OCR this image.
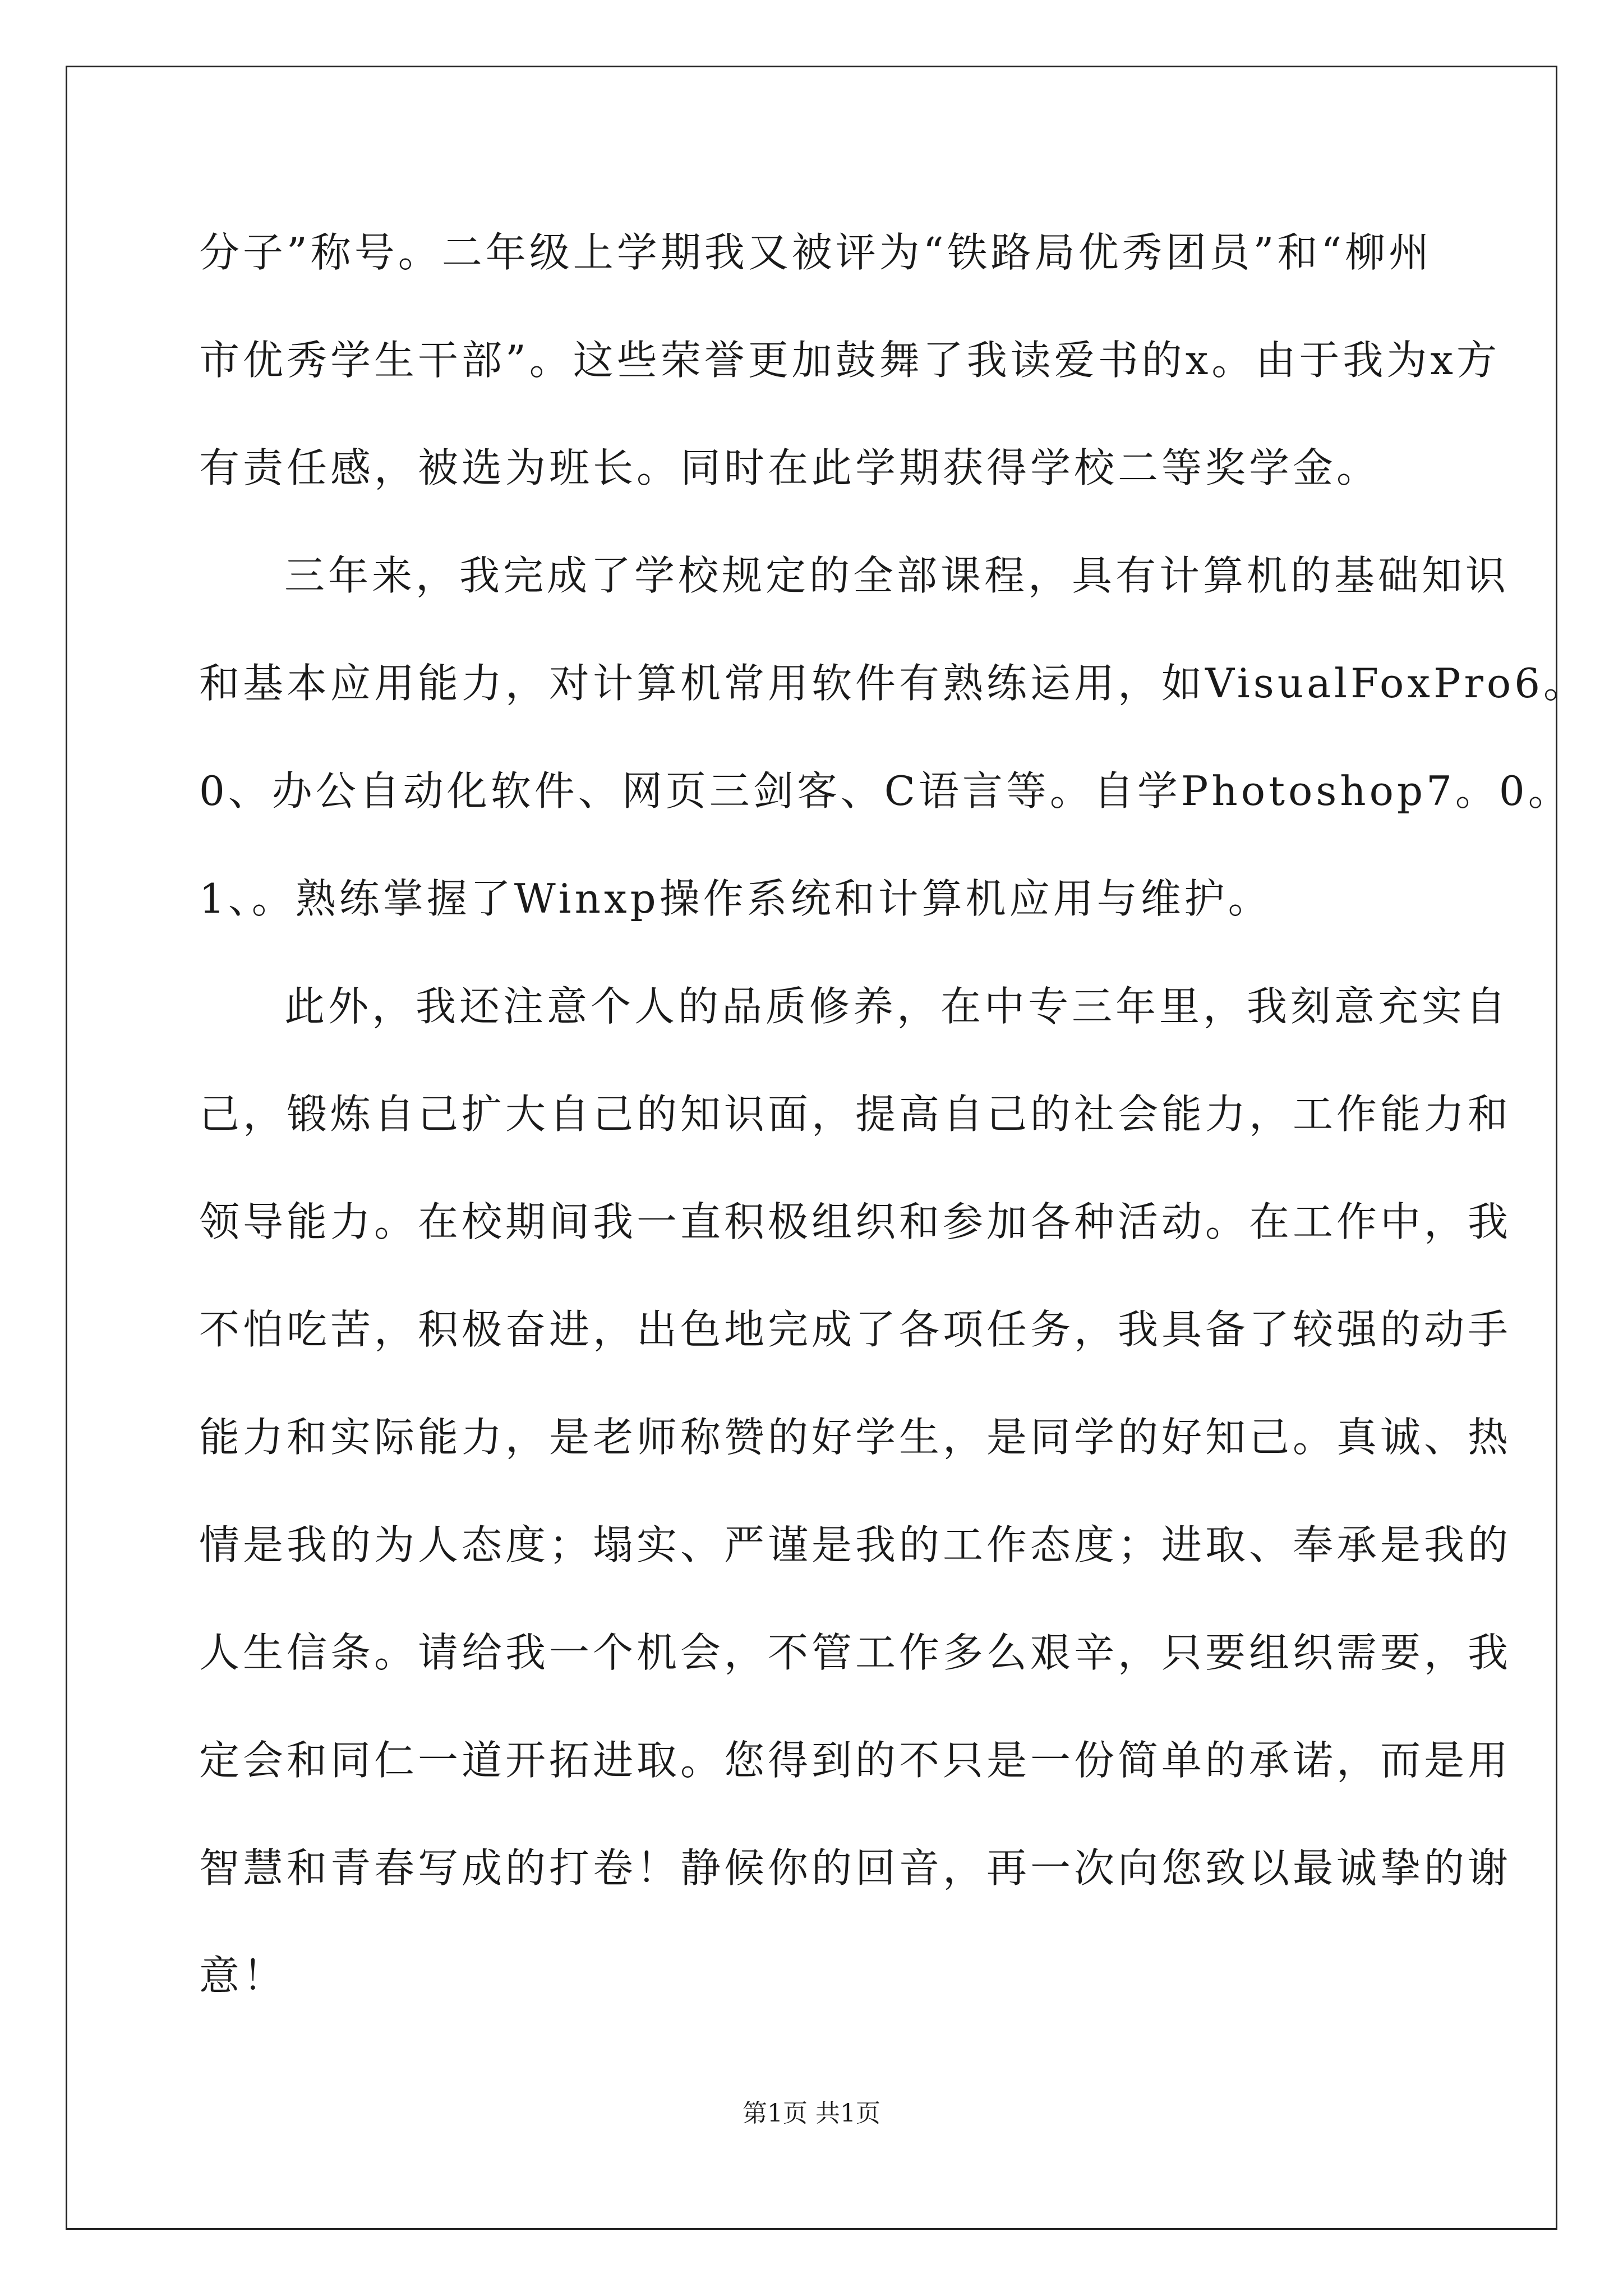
分子”称号。二年级上学期我又被评为“铁路局优秀团员”和“柳州
市优秀学生干部”。这些荣誉更加鼓舞了我读爱书的x。由于我为x方
有责任感，被选为班长。同时在此学期获得学校二等奖学金。
三年来，我完成了学校规定的全部课程，具有计算机的基础知识
和基本应用能力，对计算机常用软件有熟练运用，如VisualFoxPro6。
0、办公自动化软件、网页三剑客、C语言等。自学Photoshop7。0。
1、。熟练掌握了Winxp操作系统和计算机应用与维护。
此外，我还注意个人的品质修养，在中专三年里，我刻意充实自
己，锻炼自己扩大自己的知识面，提高自己的社会能力，工作能力和
领导能力。在校期间我一直积极组织和参加各种活动。在工作中，我
不怕吃苦，积极奋进，出色地完成了各项任务，我具备了较强的动手
能力和实际能力，是老师称赞的好学生，是同学的好知己。真诚、热
情是我的为人态度；塌实、严谨是我的工作态度；进取、奉承是我的
人生信条。请给我一个机会，不管工作多么艰辛，只要组织需要，我
定会和同仁一道开拓进取。您得到的不只是一份简单的承诺，而是用
智慧和青春写成的打卷！静候你的回音，再一次向您致以最诚挚的谢
意！
第1页 共1页
